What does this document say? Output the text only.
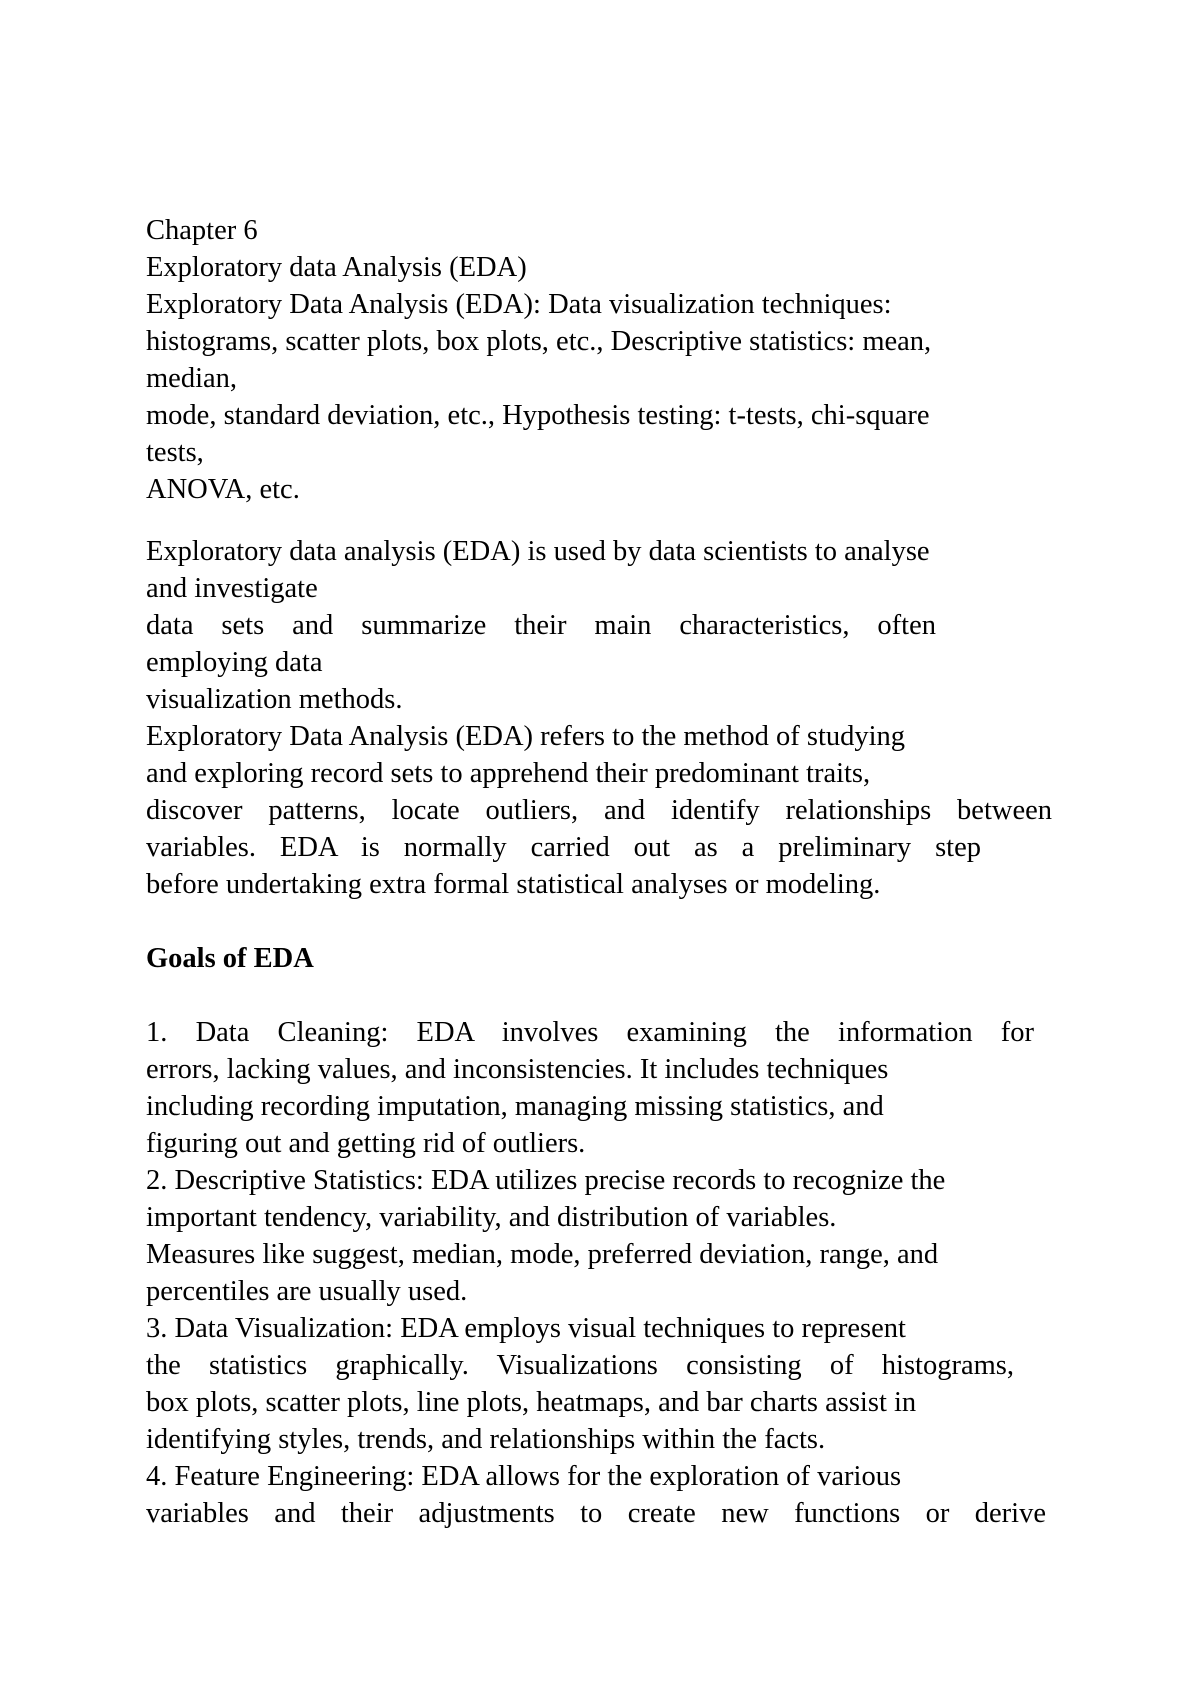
Chapter 6
Exploratory data Analysis (EDA)
Exploratory Data Analysis (EDA): Data visualization techniques:
histograms, scatter plots, box plots, etc., Descriptive statistics: mean,
median,
mode, standard deviation, etc., Hypothesis testing: t-tests, chi-square
tests,
ANOVA, etc.
Exploratory data analysis (EDA) is used by data scientists to analyse
and investigate
data sets and summarize their main characteristics, often
employing data
visualization methods.
Exploratory Data Analysis (EDA) refers to the method of studying
and exploring record sets to apprehend their predominant traits,
discover patterns, locate outliers, and identify relationships between
variables. EDA is normally carried out as a preliminary step
before undertaking extra formal statistical analyses or modeling.
Goals of EDA
1. Data Cleaning: EDA involves examining the information for
errors, lacking values, and inconsistencies. It includes techniques
including recording imputation, managing missing statistics, and
figuring out and getting rid of outliers.
2. Descriptive Statistics: EDA utilizes precise records to recognize the
important tendency, variability, and distribution of variables.
Measures like suggest, median, mode, preferred deviation, range, and
percentiles are usually used.
3. Data Visualization: EDA employs visual techniques to represent
the statistics graphically. Visualizations consisting of histograms,
box plots, scatter plots, line plots, heatmaps, and bar charts assist in
identifying styles, trends, and relationships within the facts.
4. Feature Engineering: EDA allows for the exploration of various
variables and their adjustments to create new functions or derive
